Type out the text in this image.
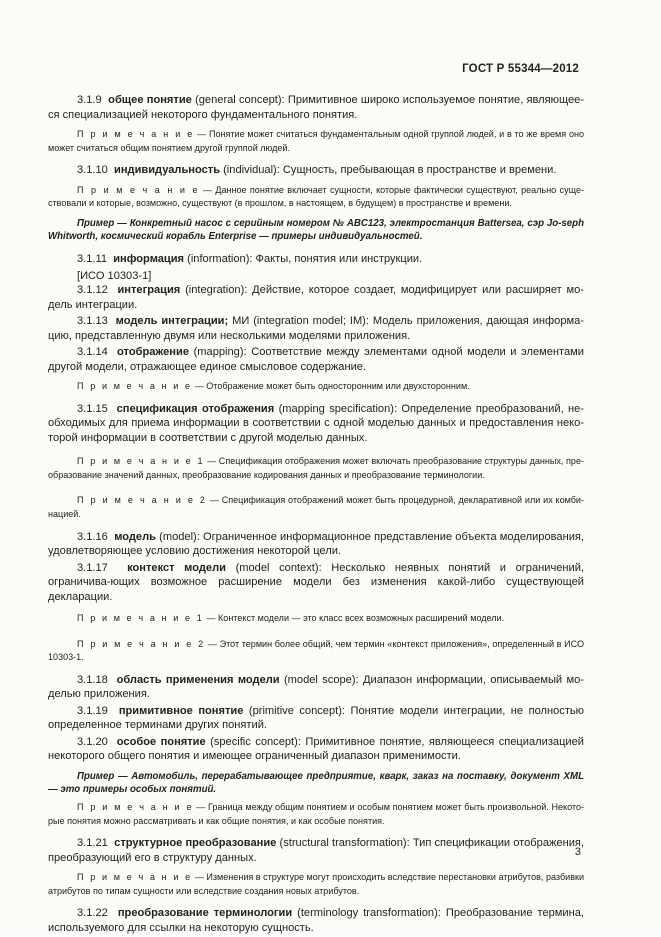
ГОСТ Р 55344—2012

3.1.9 общее понятие (general concept): Примитивное широко используемое понятие, являющее-ся специализацией некоторого фундаментального понятия.

П р и м е ч а н и е — Понятие может считаться фундаментальным одной группой людей, и в то же время оно может считаться общим понятием другой группой людей.

3.1.10 индивидуальность (individual): Сущность, пребывающая в пространстве и времени.

П р и м е ч а н и е — Данное понятие включает сущности, которые фактически существуют, реально суще-ствовали и которые, возможно, существуют (в прошлом, в настоящем, в будущем) в пространстве и времени.

Пример — Конкретный насос с серийным номером № ABC123, электростанция Battersea, сэр Jo-seph Whitworth, космический корабль Enterprise — примеры индивидуальностей.

3.1.11 информация (information): Факты, понятия или инструкции.

[ИСО 10303-1]

3.1.12 интеграция (integration): Действие, которое создает, модифицирует или расширяет мо-дель интеграции.

3.1.13 модель интеграции; МИ (integration model; IM): Модель приложения, дающая информа-цию, представленную двумя или несколькими моделями приложения.

3.1.14 отображение (mapping): Соответствие между элементами одной модели и элементами другой модели, отражающее единое смысловое содержание.

П р и м е ч а н и е — Отображение может быть односторонним или двухсторонним.

3.1.15 спецификация отображения (mapping specification): Определение преобразований, не-обходимых для приема информации в соответствии с одной моделью данных и предоставления неко-торой информации в соответствии с другой моделью данных.

П р и м е ч а н и е 1 — Спецификация отображения может включать преобразование структуры данных, пре-образование значений данных, преобразование кодирования данных и преобразование терминологии.

П р и м е ч а н и е 2 — Спецификация отображений может быть процедурной, декларативной или их комби-нацией.

3.1.16 модель (model): Ограниченное информационное представление объекта моделирования, удовлетворяющее условию достижения некоторой цели.

3.1.17 контекст модели (model context): Несколько неявных понятий и ограничений, ограничива-ющих возможное расширение модели без изменения какой-либо существующей декларации.

П р и м е ч а н и е 1 — Контекст модели — это класс всех возможных расширений модели.

П р и м е ч а н и е 2 — Этот термин более общий, чем термин «контекст приложения», определенный в ИСО 10303-1.

3.1.18 область применения модели (model scope): Диапазон информации, описываемый мо-делью приложения.

3.1.19 примитивное понятие (primitive concept): Понятие модели интеграции, не полностью определенное терминами других понятий.

3.1.20 особое понятие (specific concept): Примитивное понятие, являющееся специализацией некоторого общего понятия и имеющее ограниченный диапазон применимости.

Пример — Автомобиль, перерабатывающее предприятие, кварк, заказ на поставку, документ XML — это примеры особых понятий.

П р и м е ч а н и е — Граница между общим понятием и особым понятием может быть произвольной. Некото-рые понятия можно рассматривать и как общие понятия, и как особые понятия.

3.1.21 структурное преобразование (structural transformation): Тип спецификации отображения, преобразующий его в структуру данных.

П р и м е ч а н и е — Изменения в структуре могут происходить вследствие перестановки атрибутов, разбивки атрибутов по типам сущности или вследствие создания новых атрибутов.

3.1.22 преобразование терминологии (terminology transformation): Преобразование термина, используемого для ссылки на некоторую сущность.

3
